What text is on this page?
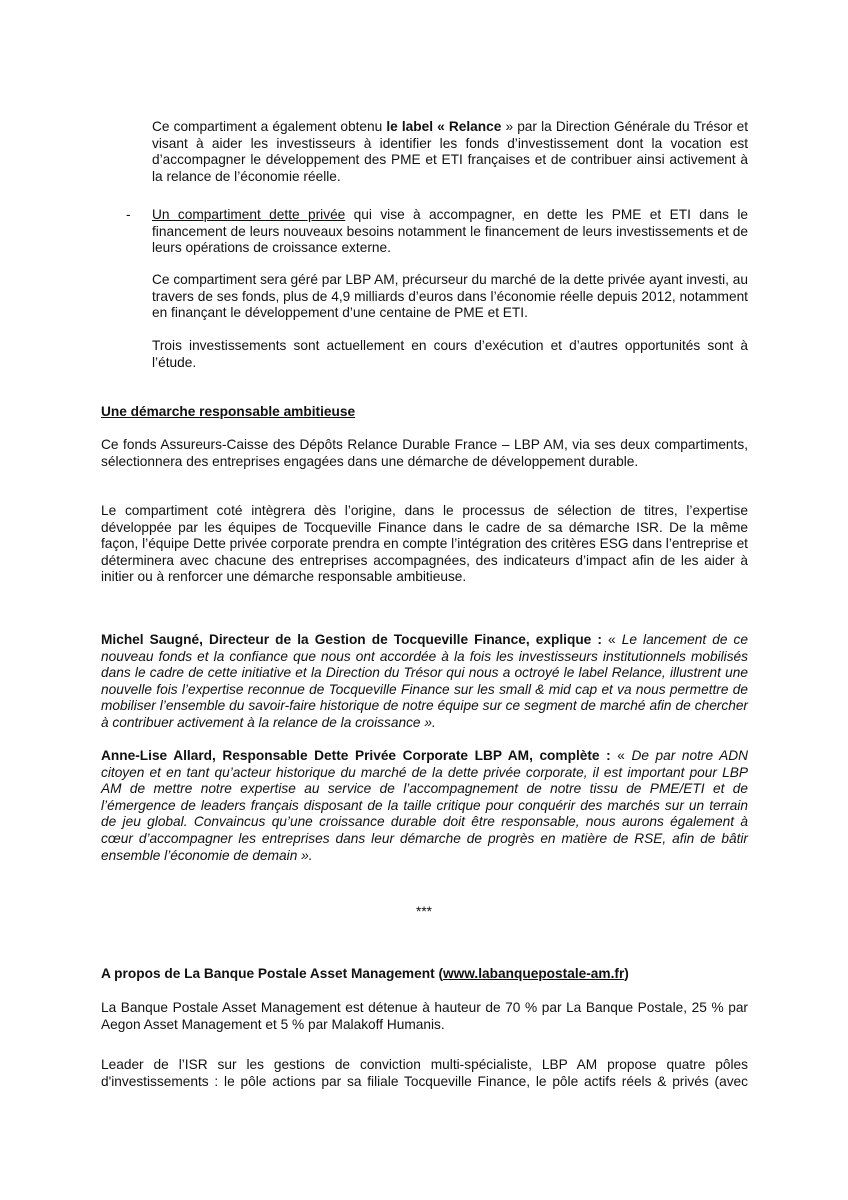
Ce compartiment a également obtenu le label « Relance » par la Direction Générale du Trésor et visant à aider les investisseurs à identifier les fonds d’investissement dont la vocation est d’accompagner le développement des PME et ETI françaises et de contribuer ainsi activement à la relance de l’économie réelle.

- Un compartiment dette privée qui vise à accompagner, en dette les PME et ETI dans le financement de leurs nouveaux besoins notamment le financement de leurs investissements et de leurs opérations de croissance externe.

Ce compartiment sera géré par LBP AM, précurseur du marché de la dette privée ayant investi, au travers de ses fonds, plus de 4,9 milliards d’euros dans l’économie réelle depuis 2012, notamment en finançant le développement d’une centaine de PME et ETI.

Trois investissements sont actuellement en cours d’exécution et d’autres opportunités sont à l’étude.

Une démarche responsable ambitieuse

Ce fonds Assureurs-Caisse des Dépôts Relance Durable France – LBP AM, via ses deux compartiments, sélectionnera des entreprises engagées dans une démarche de développement durable.

Le compartiment coté intègrera dès l’origine, dans le processus de sélection de titres, l’expertise développée par les équipes de Tocqueville Finance dans le cadre de sa démarche ISR. De la même façon, l’équipe Dette privée corporate prendra en compte l’intégration des critères ESG dans l’entreprise et déterminera avec chacune des entreprises accompagnées, des indicateurs d’impact afin de les aider à initier ou à renforcer une démarche responsable ambitieuse.

Michel Saugné, Directeur de la Gestion de Tocqueville Finance, explique : « Le lancement de ce nouveau fonds et la confiance que nous ont accordée à la fois les investisseurs institutionnels mobilisés dans le cadre de cette initiative et la Direction du Trésor qui nous a octroyé le label Relance, illustrent une nouvelle fois l’expertise reconnue de Tocqueville Finance sur les small & mid cap et va nous permettre de mobiliser l’ensemble du savoir-faire historique de notre équipe sur ce segment de marché afin de chercher à contribuer activement à la relance de la croissance ».

Anne-Lise Allard, Responsable Dette Privée Corporate LBP AM, complète : « De par notre ADN citoyen et en tant qu’acteur historique du marché de la dette privée corporate, il est important pour LBP AM de mettre notre expertise au service de l’accompagnement de notre tissu de PME/ETI et de l’émergence de leaders français disposant de la taille critique pour conquérir des marchés sur un terrain de jeu global. Convaincus qu’une croissance durable doit être responsable, nous aurons également à cœur d’accompagner les entreprises dans leur démarche de progrès en matière de RSE, afin de bâtir ensemble l’économie de demain ».

***

A propos de La Banque Postale Asset Management (www.labanquepostale-am.fr)

La Banque Postale Asset Management est détenue à hauteur de 70 % par La Banque Postale, 25 % par Aegon Asset Management et 5 % par Malakoff Humanis.

Leader de l’ISR sur les gestions de conviction multi-spécialiste, LBP AM propose quatre pôles d'investissements : le pôle actions par sa filiale Tocqueville Finance, le pôle actifs réels & privés (avec
